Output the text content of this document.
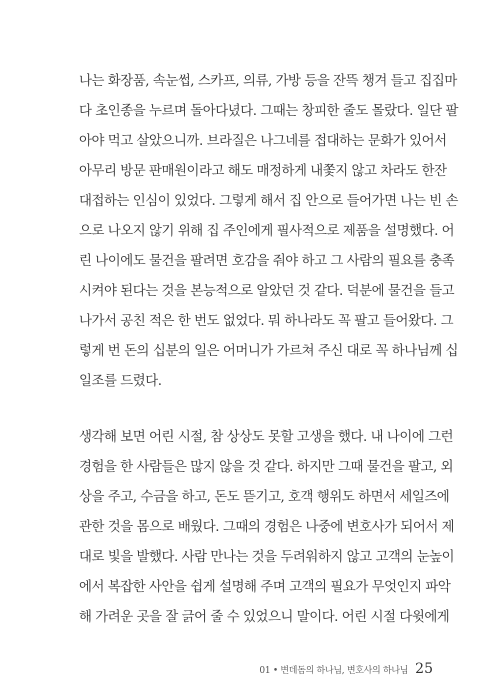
나는 화장품, 속눈썹, 스카프, 의류, 가방 등을 잔뜩 챙겨 들고 집집마
다 초인종을 누르며 돌아다녔다. 그때는 창피한 줄도 몰랐다. 일단 팔
아야 먹고 살았으니까. 브라질은 나그네를 접대하는 문화가 있어서
아무리 방문 판매원이라고 해도 매정하게 내쫓지 않고 차라도 한잔
대접하는 인심이 있었다. 그렇게 해서 집 안으로 들어가면 나는 빈 손
으로 나오지 않기 위해 집 주인에게 필사적으로 제품을 설명했다. 어
린 나이에도 물건을 팔려면 호감을 줘야 하고 그 사람의 필요를 충족
시켜야 된다는 것을 본능적으로 알았던 것 같다. 덕분에 물건을 들고
나가서 공친 적은 한 번도 없었다. 뭐 하나라도 꼭 팔고 들어왔다. 그
렇게 번 돈의 십분의 일은 어머니가 가르쳐 주신 대로 꼭 하나님께 십
일조를 드렸다.
생각해 보면 어린 시절, 참 상상도 못할 고생을 했다. 내 나이에 그런
경험을 한 사람들은 많지 않을 것 같다. 하지만 그때 물건을 팔고, 외
상을 주고, 수금을 하고, 돈도 뜯기고, 호객 행위도 하면서 세일즈에
관한 것을 몸으로 배웠다. 그때의 경험은 나중에 변호사가 되어서 제
대로 빛을 발했다. 사람 만나는 것을 두려워하지 않고 고객의 눈높이
에서 복잡한 사안을 쉽게 설명해 주며 고객의 필요가 무엇인지 파악
해 가려운 곳을 잘 긁어 줄 수 있었으니 말이다. 어린 시절 다윗에게
01 • 변데돔의 하나님, 변호사의 하나님 25
